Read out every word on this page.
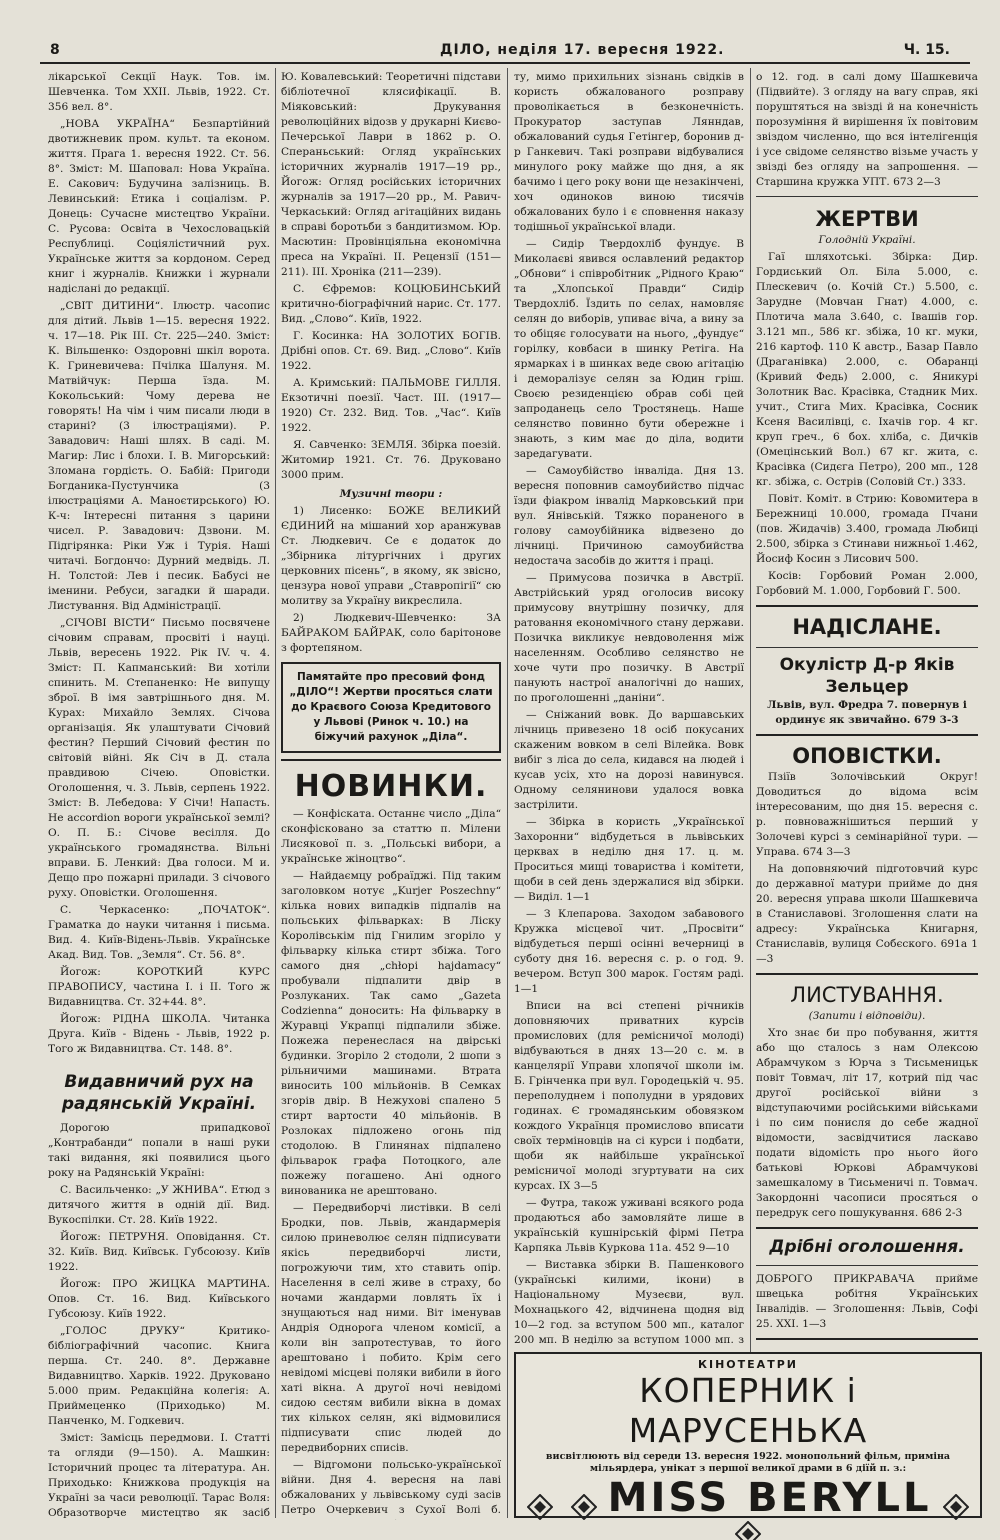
8	ДІЛО, неділя 17. вересня 1922.	Ч. 15.

лікарської Секції Наук. Тов. ім. Шевченка. Том XXII. Львів, 1922. Ст. 356 вел. 8°.

„НОВА УКРАЇНА“ Безпартійний двотижневик пром. культ. та економ. життя. Прага 1. вересня 1922. Ст. 56. 8°. Зміст: М. Шаповал: Нова Україна. Е. Сакович: Будучина залізниць. В. Левинський: Етика і соціалізм. Р. Донець: Сучасне мистецтво України. С. Русова: Освіта в Чехословацькій Республиці. Соціялістичний рух. Українське життя за кордоном. Серед книг і журналів. Книжки і журнали надіслані до редакції.

„СВІТ ДИТИНИ“. Ілюстр. часопис для дітий. Львів 1—15. вересня 1922. ч. 17—18. Рік III. Ст. 225—240. Зміст: К. Вільшенко: Оздоровні шкіл ворота. К. Гриневичева: Пчілка Шалуня. М. Матвійчук: Перша їзда. М. Кокольський: Чому дерева не говорять! На чім і чим писали люди в старині? (3 ілюстраціями). Р. Завадович: Наші шлях. В саді. М. Магир: Лис і блохи. І. В. Мигорський: Зломана гордість. О. Бабій: Пригоди Богданика-Пустунчика (3 ілюстраціями А. Маноєтирського) Ю. К-ч: Інтересні питання з царини чисел. Р. Завадович: Дзвони. М. Підгірянка: Ріки Уж і Турія. Наші читачі. Богдончо: Дурний медвідь. Л. Н. Толстой: Лев і песик. Бабусі не іменини. Ребуси, загадки й шаради. Листування. Від Адміністрації.

„СІЧОВІ ВІСТИ“ Письмо посвячене січовим справам, просвіті і науці. Львів, вересень 1922. Рік IV. ч. 4. Зміст: П. Капманський: Ви хотіли спинить. М. Степаненко: Не випущу зброї. В імя завтрішнього дня. М. Курах: Михайло Землях. Січова організація. Як улаштувати Січовий фестин? Перший Січовий фестин по світовій війні. Як Січ в Д. стала правдивою Січею. Оповістки. Оголошення, ч. 3. Львів, серпень 1922. Зміст: В. Лебедова: У Січи! Напасть. Не accordion вороги української землі? О. П. Б.: Січове весілля. До українського громадянства. Вільні вправи. Б. Ленкий: Два голоси. М и. Дещо про пожарні прилади. З січового руху. Оповістки. Оголошення.

С. Черкасенко: „ПОЧАТОК“. Граматка до науки читання і письма. Вид. 4. Київ-Відень-Львів. Українське Акад. Вид. Тов. „Земля“. Ст. 56. 8°.

Йогож: КОРОТКИЙ КУРС ПРАВОПИСУ, частина I. і II. Того ж Видавництва. Ст. 32+44. 8°.

Йогож: РІДНА ШКОЛА. Читанка Друга. Київ - Відень - Львів, 1922 р. Того ж Видавництва. Ст. 148. 8°.

Видавничий рух на радянській Україні.

Дорогою припадкової „Контрабанди“ попали в наші руки такі видання, які появилися цього року на Радянській Україні:

С. Васильченко: „У ЖНИВА“. Етюд з дитячого життя в одній дії. Вид. Вукоспілки. Ст. 28. Київ 1922.

Йогож: ПЕТРУНЯ. Оповідання. Ст. 32. Київ. Вид. Київськ. Губсоюзу. Київ 1922.

Йогож: ПРО ЖИЦКА МАРТИНА. Опов. Ст. 16. Вид. Київського Губсоюзу. Київ 1922.

„ГОЛОС ДРУКУ“ Критико-бібліографічний часопис. Книга перша. Ст. 240. 8°. Державне Видавництво. Харків. 1922. Друковано 5.000 прим. Редакційна колегія: А. Приймеценко (Приходько) М. Панченко, М. Годкевич.

Зміст: Замісць передмови. І. Статті та огляди (9—150). А. Машкин: Історичний процес та література. Ан. Приходько: Книжкова продукція на Україні за часи революції. Тарас Воля: Образотворче мистецтво як засіб

Ю. Ковалевський: Теоретичні підстави бібліотечної клясифікації. В. Міяковський: Друкування революційних відозв у друкарні Києво-Печерської Лаври в 1862 р. О. Спераньський: Огляд українських історичних журналів 1917—19 рр., Йогож: Огляд російських історичних журналів за 1917—20 рр., М. Равич-Черкаський: Огляд агітаційних видань в справі боротьби з бандитизмом. Юр. Масютин: Провінціяльна економічна преса на Україні. II. Рецензії (151—211). III. Хроніка (211—239).

С. Єфремов: КОЦЮБИНСЬКИЙ критично-біографічний нарис. Ст. 177. Вид. „Слово“. Київ, 1922.

Г. Косинка: НА ЗОЛОТИХ БОГІВ. Дрібні опов. Ст. 69. Вид. „Слово“. Київ 1922.

А. Кримський: ПАЛЬМОВЕ ГИЛЛЯ. Екзотичні поезії. Част. III. (1917—1920) Ст. 232. Вид. Тов. „Час“. Київ 1922.

Я. Савченко: ЗЕМЛЯ. Збірка поезій. Житомир 1921. Ст. 76. Друковано 3000 прим.

Музичні твори :

1) Лисенко: БОЖЕ ВЕЛИКИЙ ЄДИНИЙ на мішаний хор аранжував Ст. Людкевич. Се є додаток до „Збірника літургічних і других церковних пісень“, в якому, як звісно, цензура нової управи „Ставропігії“ сю молитву за Україну викреслила.

2) Людкевич-Шевченко: ЗА БАЙРАКОМ БАЙРАК, соло барітонове з фортепяном.

Памятайте про пресовий фонд „ДІЛО“! Жертви просяться слати до Краєвого Союза Кредитового у Львові (Ринок ч. 10.) на біжучий рахунок „Діла“.
НОВИНКИ.

— Конфіската. Останнє число „Ділa“ сконфісковано за статтю п. Мілени Лисякової п. з. „Польські вибори, а українське жіноцтво“.

— Найдаємцу робрaїджі. Під таким заголовком нотує „Kurjer Poszechny“ кілька нових випадків підпалів на польських фільварках: В Ліску Королівськім під Гнилим згоріло у фільварку кілька стирт збіжа. Того самого дня „chłopi hajdamacy“ пробували підпалити двір в Розлуканих. Так само „Gazeta Codzienna“ доносить: На фільварку в Журавці Украпці підпалили збіже. Пожежа перенеслася на двірські будинки. Згоріло 2 стодоли, 2 шопи з рільничими машинами. Втрата виносить 100 мільйонів. В Семках згорів двір. В Нежухові спалено 5 стирт вартости 40 мільйонів. В Розлоках підложено огонь під стодолою. В Глинянах підпалено фільварок графа Потоцкого, але пожежу погашено. Ані одного винованика не арештовано.

— Передвиборчі листівки. В селі Бродки, пов. Львів, жандармерія силою приневолює селян підписувати якісь передвиборчі листи, погрожуючи тим, хто ставить опір. Населення в селі живе в страху, бо ночами жандарми ловлять їх і знущаються над ними. Віт іменував Андрія Однорога членом комісії, а коли він запротестував, то його арештовано і побито. Крім сего невідомі місцеві поляки вибили в його хаті вікна. А другої ночі невідомі сидою сестям вибили вікна в домах тих кількох селян, які відмовилися підписувати спис людей до передвиборних списів.

— Відгомони польсько-української війни. Дня 4. вересня на лаві обжалованих у львівському суді засів Петро Очеркевич з Сухої Волі б.

ту, мимо прихильних зізнань свідків в користь обжалованого розправу проволікається в безконечність. Прокуратор заступав Лянндав, обжалований судья Гетінгер, боронив д-р Ганкевич. Такі розправи відбувалися минулого року майже що дня, а як бачимо і цего року вони ще незакінчені, хоч одиноков виною тисячів обжалованих було і є сповнення наказу тодішньої української влади.

— Сидір Твердохліб фундує. В Миколаєві явився ославлений редактор „Обнови“ і співробітник „Рідного Краю“ та „Хлопської Правди“ Сидір Твердохліб. Їздить по селах, намовляє селян до виборів, упиває віча, а вину за то обіцяє голосувати на нього, „фундує“ горілку, ковбаси в шинку Ретіга. На ярмарках і в шинках веде свою агітацію і деморалізує селян за Юдин гріш. Своєю резиденцією обрав собі цей запроданець село Тростянець. Наше селянство повинно бути обережне і знають, з ким має до діла, водити заредагувати.

— Самоубійство інваліда. Дня 13. вересня поповнив самоубийство підчас їзди фіакром інвалід Марковський при вул. Янівській. Тяжко пораненого в голову самоубійника відвезено до лічниці. Причиною самоубийства недостача засобів до життя і праці.

— Примусова позичка в Австрії. Австрійський уряд оголосив високу примусову внутрішну позичку, для ратовання економічного стану держави. Позичка викликує невдоволення між населенням. Особливо селянство не хоче чути про позичку. В Австрії панують настрої аналогічні до наших, по проголошенні „даніни“.

— Сніжаний вовк. До варшавських лічниць привезено 18 осіб покусаних скаженим вовком в селі Вілейка. Вовк вибіг з ліса до села, кидався на людей і кусав усіх, хто на дорозі навинувся. Одному селянинови удалося вовка застрілити.

— Збірка в користь „Української Захоронни“ відбудеться в львівських церквах в неділю дня 17. ц. м. Проситься мищі товариства і комітети, щоби в сей день здержалися від збірки. — Виділ. 1—1

— З Клепарова. Заходом забавового Кружка місцевої чит. „Просвіти“ відбудеться перші осінні вечерниці в суботу дня 16. вересня с. р. о год. 9. вечером. Вступ 300 марок. Гостям раді. 1—1

Вписи на всі степені річників доповняючих приватних курсів промислових (для ремісничої молоді) відбуваються в днях 13—20 с. м. в канцелярії Управи хлопячої школи ім. Б. Грінченка при вул. Городецькій ч. 95. переполуднем і пополудни в урядових годинах. Є громадянським обовязком кождого Українця промислово вписати своїх терміновців на сі курси і подбати, щоби як найбільше української ремісничої молоді згуртувати на сих курсах. IX 3—5

— Футра, також уживані всякого рода продаються або замовляйте лише в українській кушнірській фірмі Петра Карпяка Львів Курковa 11а. 452 9—10

— Виставка збірки В. Пашенкового (українські килими, ікони) в Національному Музеєви, вул. Мохнацького 42, відчинена щодня від 10—2 год. зa вступом 500 мп., каталог 200 мп. В неділю за вступом 1000 мп. з

о 12. год. в салі дому Шашкевича (Підвийте). З огляду на вагу справ, які поруштяться на звізді й на конечність порозуміння й вирішення їх повітовим звіздом численно, що вся інтелігенція і усе свідоме селянство візьме участь у звізді без огляду на запрошення. — Старшина кружка УПТ. 673 2—3

ЖЕРТВИ
Голодній Україні.

Гаї шляхотські. Збірка: Дир. Гордиський Ол. Біла 5.000, с. Плескевич (о. Кочій Ст.) 5.500, с. Зарудне (Мовчан Гнат) 4.000, с. Плотича мала 3.640, с. Івашів гор. 3.121 мп., 586 кг. збіжа, 10 кг. муки, 216 картоф. 110 К австр., Базар Павло (Драганівка) 2.000, с. Обаранці (Кривий Федь) 2.000, с. Яникурі Золотник Вас. Красівка, Стадник Мих. учит., Стига Мих. Красівка, Сосник Ксеня Василівці, с. Іхачів гор. 4 кг. круп греч., 6 бох. хліба, с. Дичків (Омецінський Вол.) 67 кг. жита, с. Красівка (Сидєга Петро), 200 мп., 128 кг. збіжа, с. Острів (Соловій Ст.) 333.

Повіт. Коміт. в Стрию: Ковомитера в Бережниці 10.000, громада Пчани (пов. Жидачів) 3.400, громада Любиці 2.500, збірка з Стинави нижньої 1.462, Йосиф Косин з Лисович 500.

Косів: Горбовий Роман 2.000, Горбовий М. 1.000, Горбовий Г. 500.

НАДІСЛАНЕ.
Окулістр Д-р Яків Зельцер
Львів, вул. Фредра 7. повернув і ординує як звичайно. 679 3-3
ОПОВІСТКИ.

Пзіїв Золочівський Округ! Доводиться до відома всім інтересованим, що дня 15. вересня с. р. повноважнішиться перший у Золочеві курсі з семінарійної тури. — Управа. 674 3—3

На доповняючий підготовчий курс до державної матури прийме до дня 20. вересня управа школи Шашкевича в Станиславові. Зголошення слати на адресу: Українська Книгарня, Станиславів, вулиця Собєского. 691а 1—3

ЛИСТУВАННЯ.
(Запити і відповіди).

Хто знає би про побування, життя або що сталось з нам Олексою Абрамчуком з Юрча з Тисьменицьк повіт Товмач, літ 17, котрий під час другої російської війни з відступаючими російськими військами і по сим понисля до себе жадної відомости, засвідчитися ласкаво подати відомість про нього його батькові Юркові Абрамчукові замешкалому в Тисьменичі п. Товмач. Закордонні часописи просяться о передрук сего пошукування. 686 2-3

Дрібні оголошення.

ДОБРОГО ПРИКРАВАЧА прийме швецька робітня Українських Інвалідів. — Зголошення: Львів, Софі 25. XXI. 1—3

КІНОТЕАТРИ
КОПЕРНИК і МАРУСЕНЬКА
висвітлюють від середи 13. вересня 1922. монопольний фільм, приміна мільярдера, унікат з першої великої драми в 6 діїй п. з.:
MISS BERYLL
